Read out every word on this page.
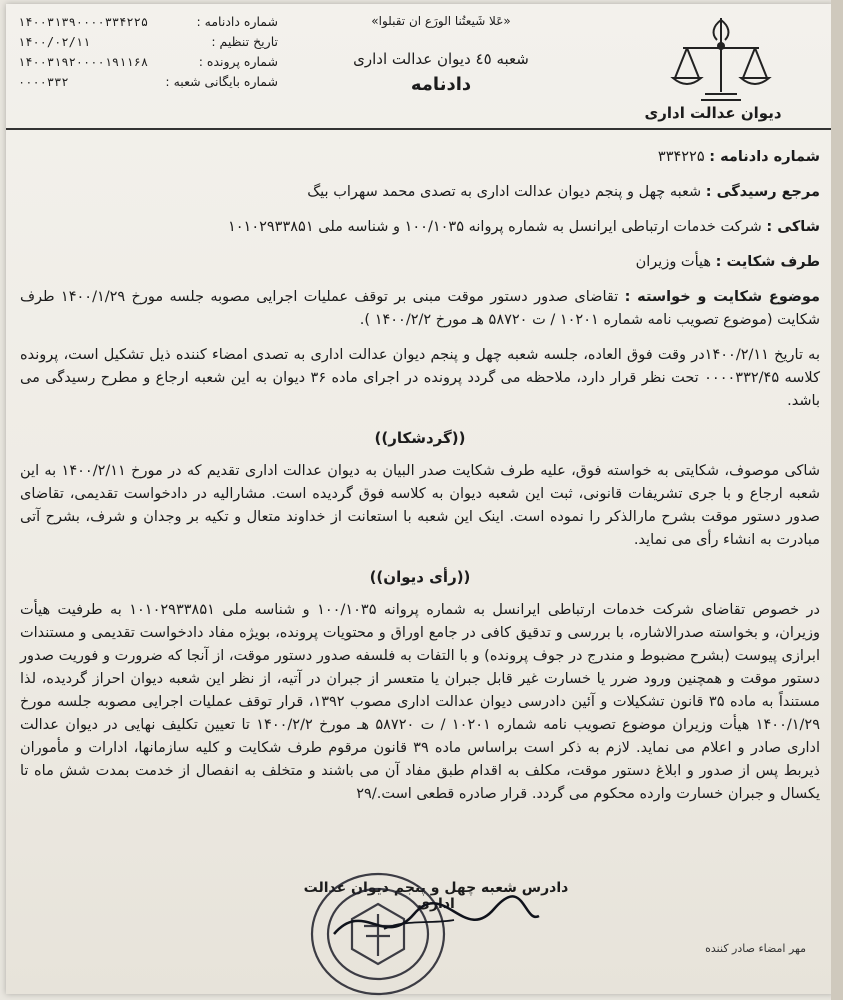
دیوان عدالت اداری
«عَلا شَیعتُنا الورَع ان تقبلوا»
شعبه ٤٥ دیوان عدالت اداری
دادنامه
شماره دادنامه :
۱۴۰۰۳۱۳۹۰۰۰۰۳۳۴۲۲۵
تاریخ تنظیم :
۱۴۰۰/۰۲/۱۱
شماره پرونده :
۱۴۰۰۳۱۹۲۰۰۰۰۱۹۱۱۶۸
شماره بایگانی شعبه :
۰۰۰۰۳۳۲
شماره دادنامه : ۳۳۴۲۲۵
مرجع رسیدگی : شعبه چهل و پنجم دیوان عدالت اداری به تصدی محمد سهراب بیگ
شاکی : شرکت خدمات ارتباطی ایرانسل به شماره پروانه ۱۰۰/۱۰۳۵ و شناسه ملی ۱۰۱۰۲۹۳۳۸۵۱
طرف شکایت : هیأت وزیران
موضوع شکایت و خواسته : تقاضای صدور دستور موقت مبنی بر توقف عملیات اجرایی مصوبه جلسه مورخ ۱۴۰۰/۱/۲۹ طرف شکایت (موضوع تصویب نامه شماره ۱۰۲۰۱ / ت ۵۸۷۲۰ هـ مورخ ۱۴۰۰/۲/۲ ).

به تاریخ ۱۴۰۰/۲/۱۱در وقت فوق العاده، جلسه شعبه چهل و پنجم دیوان عدالت اداری به تصدی امضاء کننده ذیل تشکیل است، پرونده کلاسه ۰۰۰۰۳۳۲/۴۵ تحت نظر قرار دارد، ملاحظه می گردد پرونده در اجرای ماده ۳۶ دیوان به این شعبه ارجاع و مطرح رسیدگی می باشد.

((گردشکار))

شاکی موصوف، شکایتی به خواسته فوق، علیه طرف شکایت صدر البیان به دیوان عدالت اداری تقدیم که در مورخ ۱۴۰۰/۲/۱۱ به این شعبه ارجاع و با جری تشریفات قانونی، ثبت این شعبه دیوان به کلاسه فوق گردیده است. مشارالیه در دادخواست تقدیمی، تقاضای صدور دستور موقت بشرح مارالذکر را نموده است. اینک این شعبه با استعانت از خداوند متعال و تکیه بر وجدان و شرف، بشرح آتی مبادرت به انشاء رأی می نماید.

((رأی دیوان))

در خصوص تقاضای شرکت خدمات ارتباطی ایرانسل به شماره پروانه ۱۰۰/۱۰۳۵ و شناسه ملی ۱۰۱۰۲۹۳۳۸۵۱ به طرفیت هیأت وزیران، و بخواسته صدرالاشاره، با بررسی و تدقیق کافی در جامع اوراق و محتویات پرونده، بویژه مفاد دادخواست تقدیمی و مستندات ابرازی پیوست (بشرح مضبوط و مندرج در جوف پرونده) و با التفات به فلسفه صدور دستور موقت، از آنجا که ضرورت و فوریت صدور دستور موقت و همچنین ورود ضرر یا خسارت غیر قابل جبران یا متعسر از جبران در آتیه، از نظر این شعبه دیوان احراز گردیده، لذا مستنداً به ماده ۳۵ قانون تشکیلات و آئین دادرسی دیوان عدالت اداری مصوب ۱۳۹۲، قرار توقف عملیات اجرایی مصوبه جلسه مورخ ۱۴۰۰/۱/۲۹ هیأت وزیران موضوع تصویب نامه شماره ۱۰۲۰۱ / ت ۵۸۷۲۰ هـ مورخ ۱۴۰۰/۲/۲ تا تعیین تکلیف نهایی در دیوان عدالت اداری صادر و اعلام می نماید. لازم به ذکر است براساس ماده ۳۹ قانون مرقوم طرف شکایت و کلیه سازمانها، ادارات و مأموران ذیربط پس از صدور و ابلاغ دستور موقت، مکلف به اقدام طبق مفاد آن می باشند و متخلف به انفصال از خدمت بمدت شش ماه تا یکسال و جبران خسارت وارده محکوم می گردد. قرار صادره قطعی است./۲۹

دادرس شعبه چهل و پنجم دیوان عدالت اداری
مهر امضاء صادر کننده
